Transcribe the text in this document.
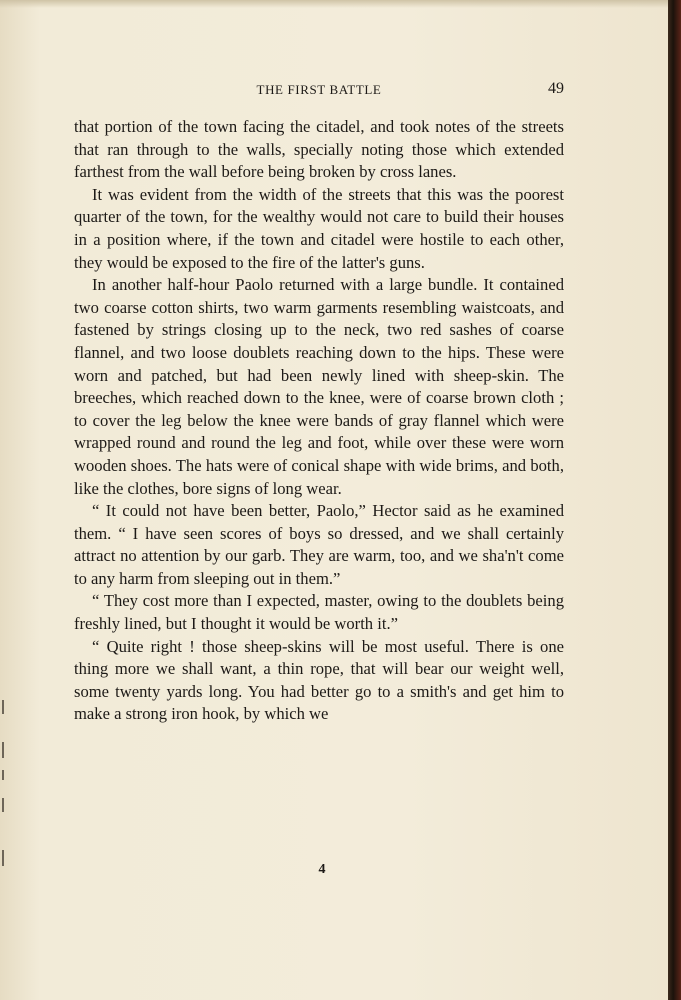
THE FIRST BATTLE	49

that portion of the town facing the citadel, and took notes of the streets that ran through to the walls, specially noting those which extended farthest from the wall before being broken by cross lanes.

It was evident from the width of the streets that this was the poorest quarter of the town, for the wealthy would not care to build their houses in a position where, if the town and citadel were hostile to each other, they would be exposed to the fire of the latter's guns.

In another half-hour Paolo returned with a large bundle. It contained two coarse cotton shirts, two warm garments resembling waistcoats, and fastened by strings closing up to the neck, two red sashes of coarse flannel, and two loose doublets reaching down to the hips. These were worn and patched, but had been newly lined with sheep-skin. The breeches, which reached down to the knee, were of coarse brown cloth ; to cover the leg below the knee were bands of gray flannel which were wrapped round and round the leg and foot, while over these were worn wooden shoes. The hats were of conical shape with wide brims, and both, like the clothes, bore signs of long wear.

“ It could not have been better, Paolo,” Hector said as he examined them. “ I have seen scores of boys so dressed, and we shall certainly attract no attention by our garb. They are warm, too, and we sha'n't come to any harm from sleeping out in them.”

“ They cost more than I expected, master, owing to the doublets being freshly lined, but I thought it would be worth it.”

“ Quite right ! those sheep-skins will be most useful. There is one thing more we shall want, a thin rope, that will bear our weight well, some twenty yards long. You had better go to a smith's and get him to make a strong iron hook, by which we

4
